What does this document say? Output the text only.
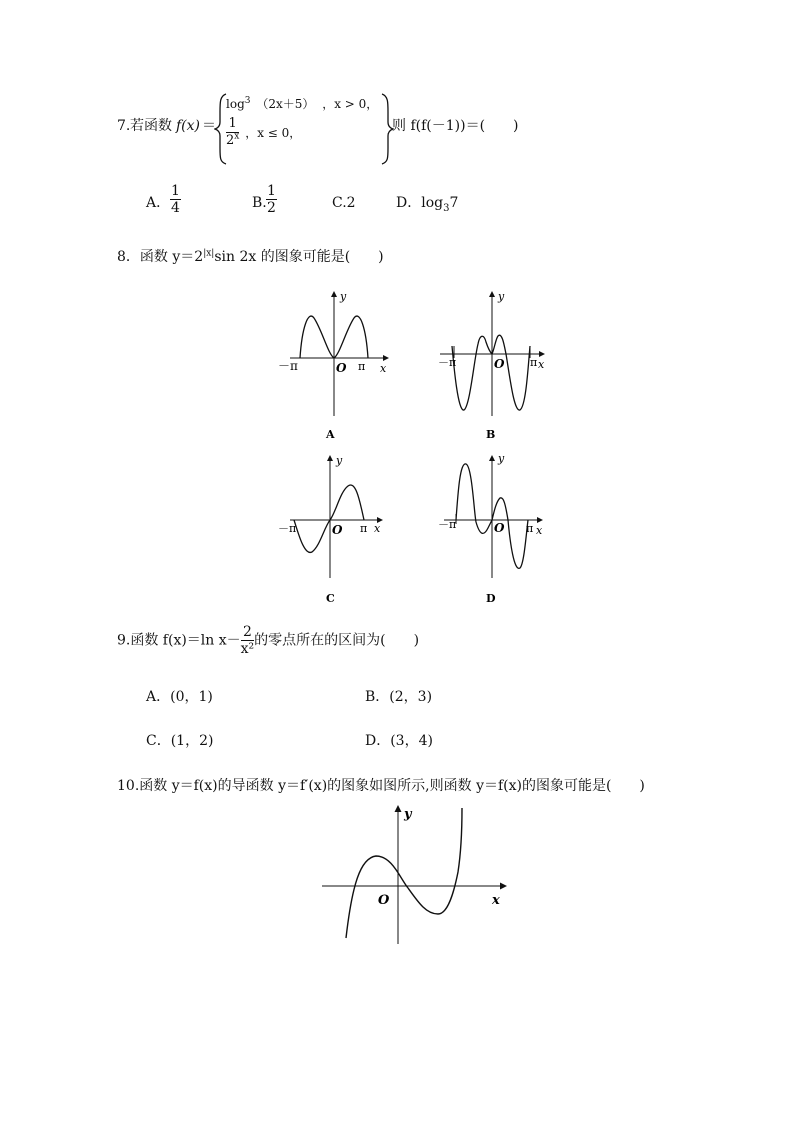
7. 若函数 f(x) ＝
$\log^3 (2x+5)$ ，x > 0，
$\frac{1}{2^x}$ ，x ≤ 0，	则 f(f(－1))＝(　　)
A． $\frac{1}{4}$	B. $\frac{1}{2}$	C.2	D．$\log_37$
8．函数 $y=2^{|x|}\sin$ 2x 的图象可能是(　　)
－π	π
O	x
y
A
－π	π
O	x
y
B
－π	π
O	x
y
C
－π	π
O	x
y
D
9.函数 f(x)＝ln $x- \frac{2}{\text{x²}}$ 的零点所在的区间为(　　)
A．(0，1)	B．(2，3)
C．(1，2)	D．(3，4)
10.函数 y＝f(x)的导函数 y＝f′(x)的图象如图所示,则函数 y＝f(x)的图象可能是(　　)
O	x
y
